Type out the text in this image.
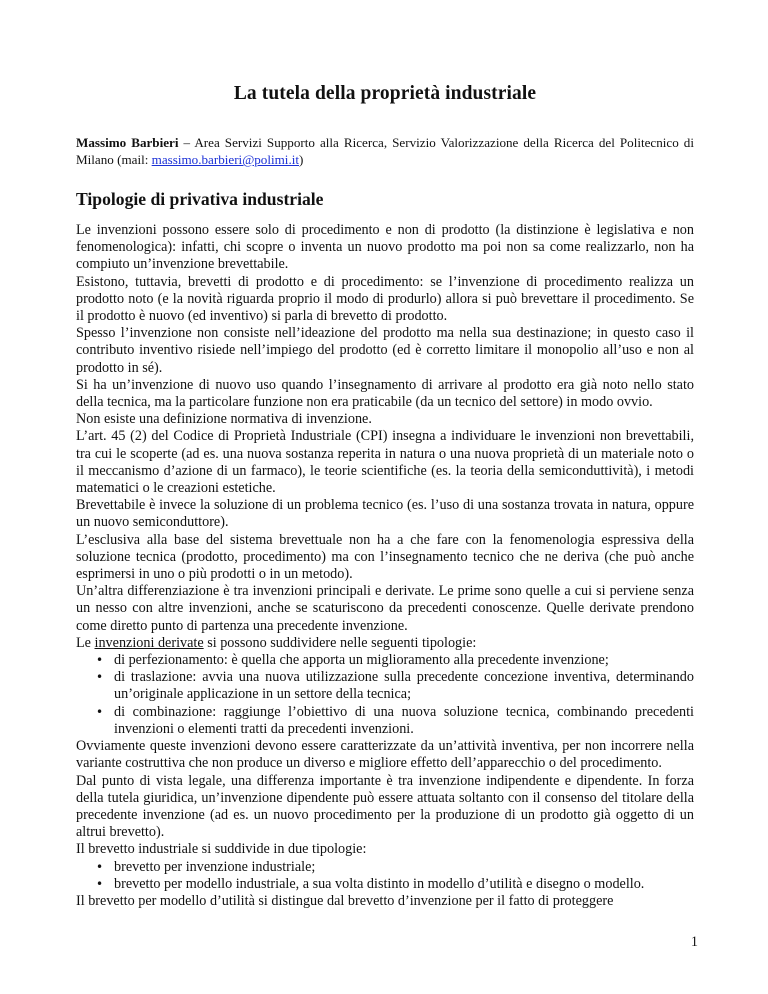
La tutela della proprietà industriale
Massimo Barbieri – Area Servizi Supporto alla Ricerca, Servizio Valorizzazione della Ricerca del Politecnico di Milano (mail: massimo.barbieri@polimi.it)
Tipologie di privativa industriale

Le invenzioni possono essere solo di procedimento e non di prodotto (la distinzione è legislativa e non fenomenologica): infatti, chi scopre o inventa un nuovo prodotto ma poi non sa come realizzarlo, non ha compiuto un’invenzione brevettabile.

Esistono, tuttavia, brevetti di prodotto e di procedimento: se l’invenzione di procedimento realizza un prodotto noto (e la novità riguarda proprio il modo di produrlo) allora si può brevettare il procedimento. Se il prodotto è nuovo (ed inventivo) si parla di brevetto di prodotto.

Spesso l’invenzione non consiste nell’ideazione del prodotto ma nella sua destinazione; in questo caso il contributo inventivo risiede nell’impiego del prodotto (ed è corretto limitare il monopolio all’uso e non al prodotto in sé).

Si ha un’invenzione di nuovo uso quando l’insegnamento di arrivare al prodotto era già noto nello stato della tecnica, ma la particolare funzione non era praticabile (da un tecnico del settore) in modo ovvio.

Non esiste una definizione normativa di invenzione.

L’art. 45 (2) del Codice di Proprietà Industriale (CPI) insegna a individuare le invenzioni non brevettabili, tra cui le scoperte (ad es. una nuova sostanza reperita in natura o una nuova proprietà di un materiale noto o il meccanismo d’azione di un farmaco), le teorie scientifiche (es. la teoria della semiconduttività), i metodi matematici o le creazioni estetiche.

Brevettabile è invece la soluzione di un problema tecnico (es. l’uso di una sostanza trovata in natura, oppure un nuovo semiconduttore).

L’esclusiva alla base del sistema brevettuale non ha a che fare con la fenomenologia espressiva della soluzione tecnica (prodotto, procedimento) ma con l’insegnamento tecnico che ne deriva (che può anche esprimersi in uno o più prodotti o in un metodo).

Un’altra differenziazione è tra invenzioni principali e derivate. Le prime sono quelle a cui si perviene senza un nesso con altre invenzioni, anche se scaturiscono da precedenti conoscenze. Quelle derivate prendono come diretto punto di partenza una precedente invenzione.

Le invenzioni derivate si possono suddividere nelle seguenti tipologie:

• di perfezionamento: è quella che apporta un miglioramento alla precedente invenzione;
• di traslazione: avvia una nuova utilizzazione sulla precedente concezione inventiva, determinando un’originale applicazione in un settore della tecnica;
• di combinazione: raggiunge l’obiettivo di una nuova soluzione tecnica, combinando precedenti invenzioni o elementi tratti da precedenti invenzioni.

Ovviamente queste invenzioni devono essere caratterizzate da un’attività inventiva, per non incorrere nella variante costruttiva che non produce un diverso e migliore effetto dell’apparecchio o del procedimento.

Dal punto di vista legale, una differenza importante è tra invenzione indipendente e dipendente. In forza della tutela giuridica, un’invenzione dipendente può essere attuata soltanto con il consenso del titolare della precedente invenzione (ad es. un nuovo procedimento per la produzione di un prodotto già oggetto di un altrui brevetto).

Il brevetto industriale si suddivide in due tipologie:

• brevetto per invenzione industriale;
• brevetto per modello industriale, a sua volta distinto in modello d’utilità e disegno o modello.

Il brevetto per modello d’utilità si distingue dal brevetto d’invenzione per il fatto di proteggere

1
